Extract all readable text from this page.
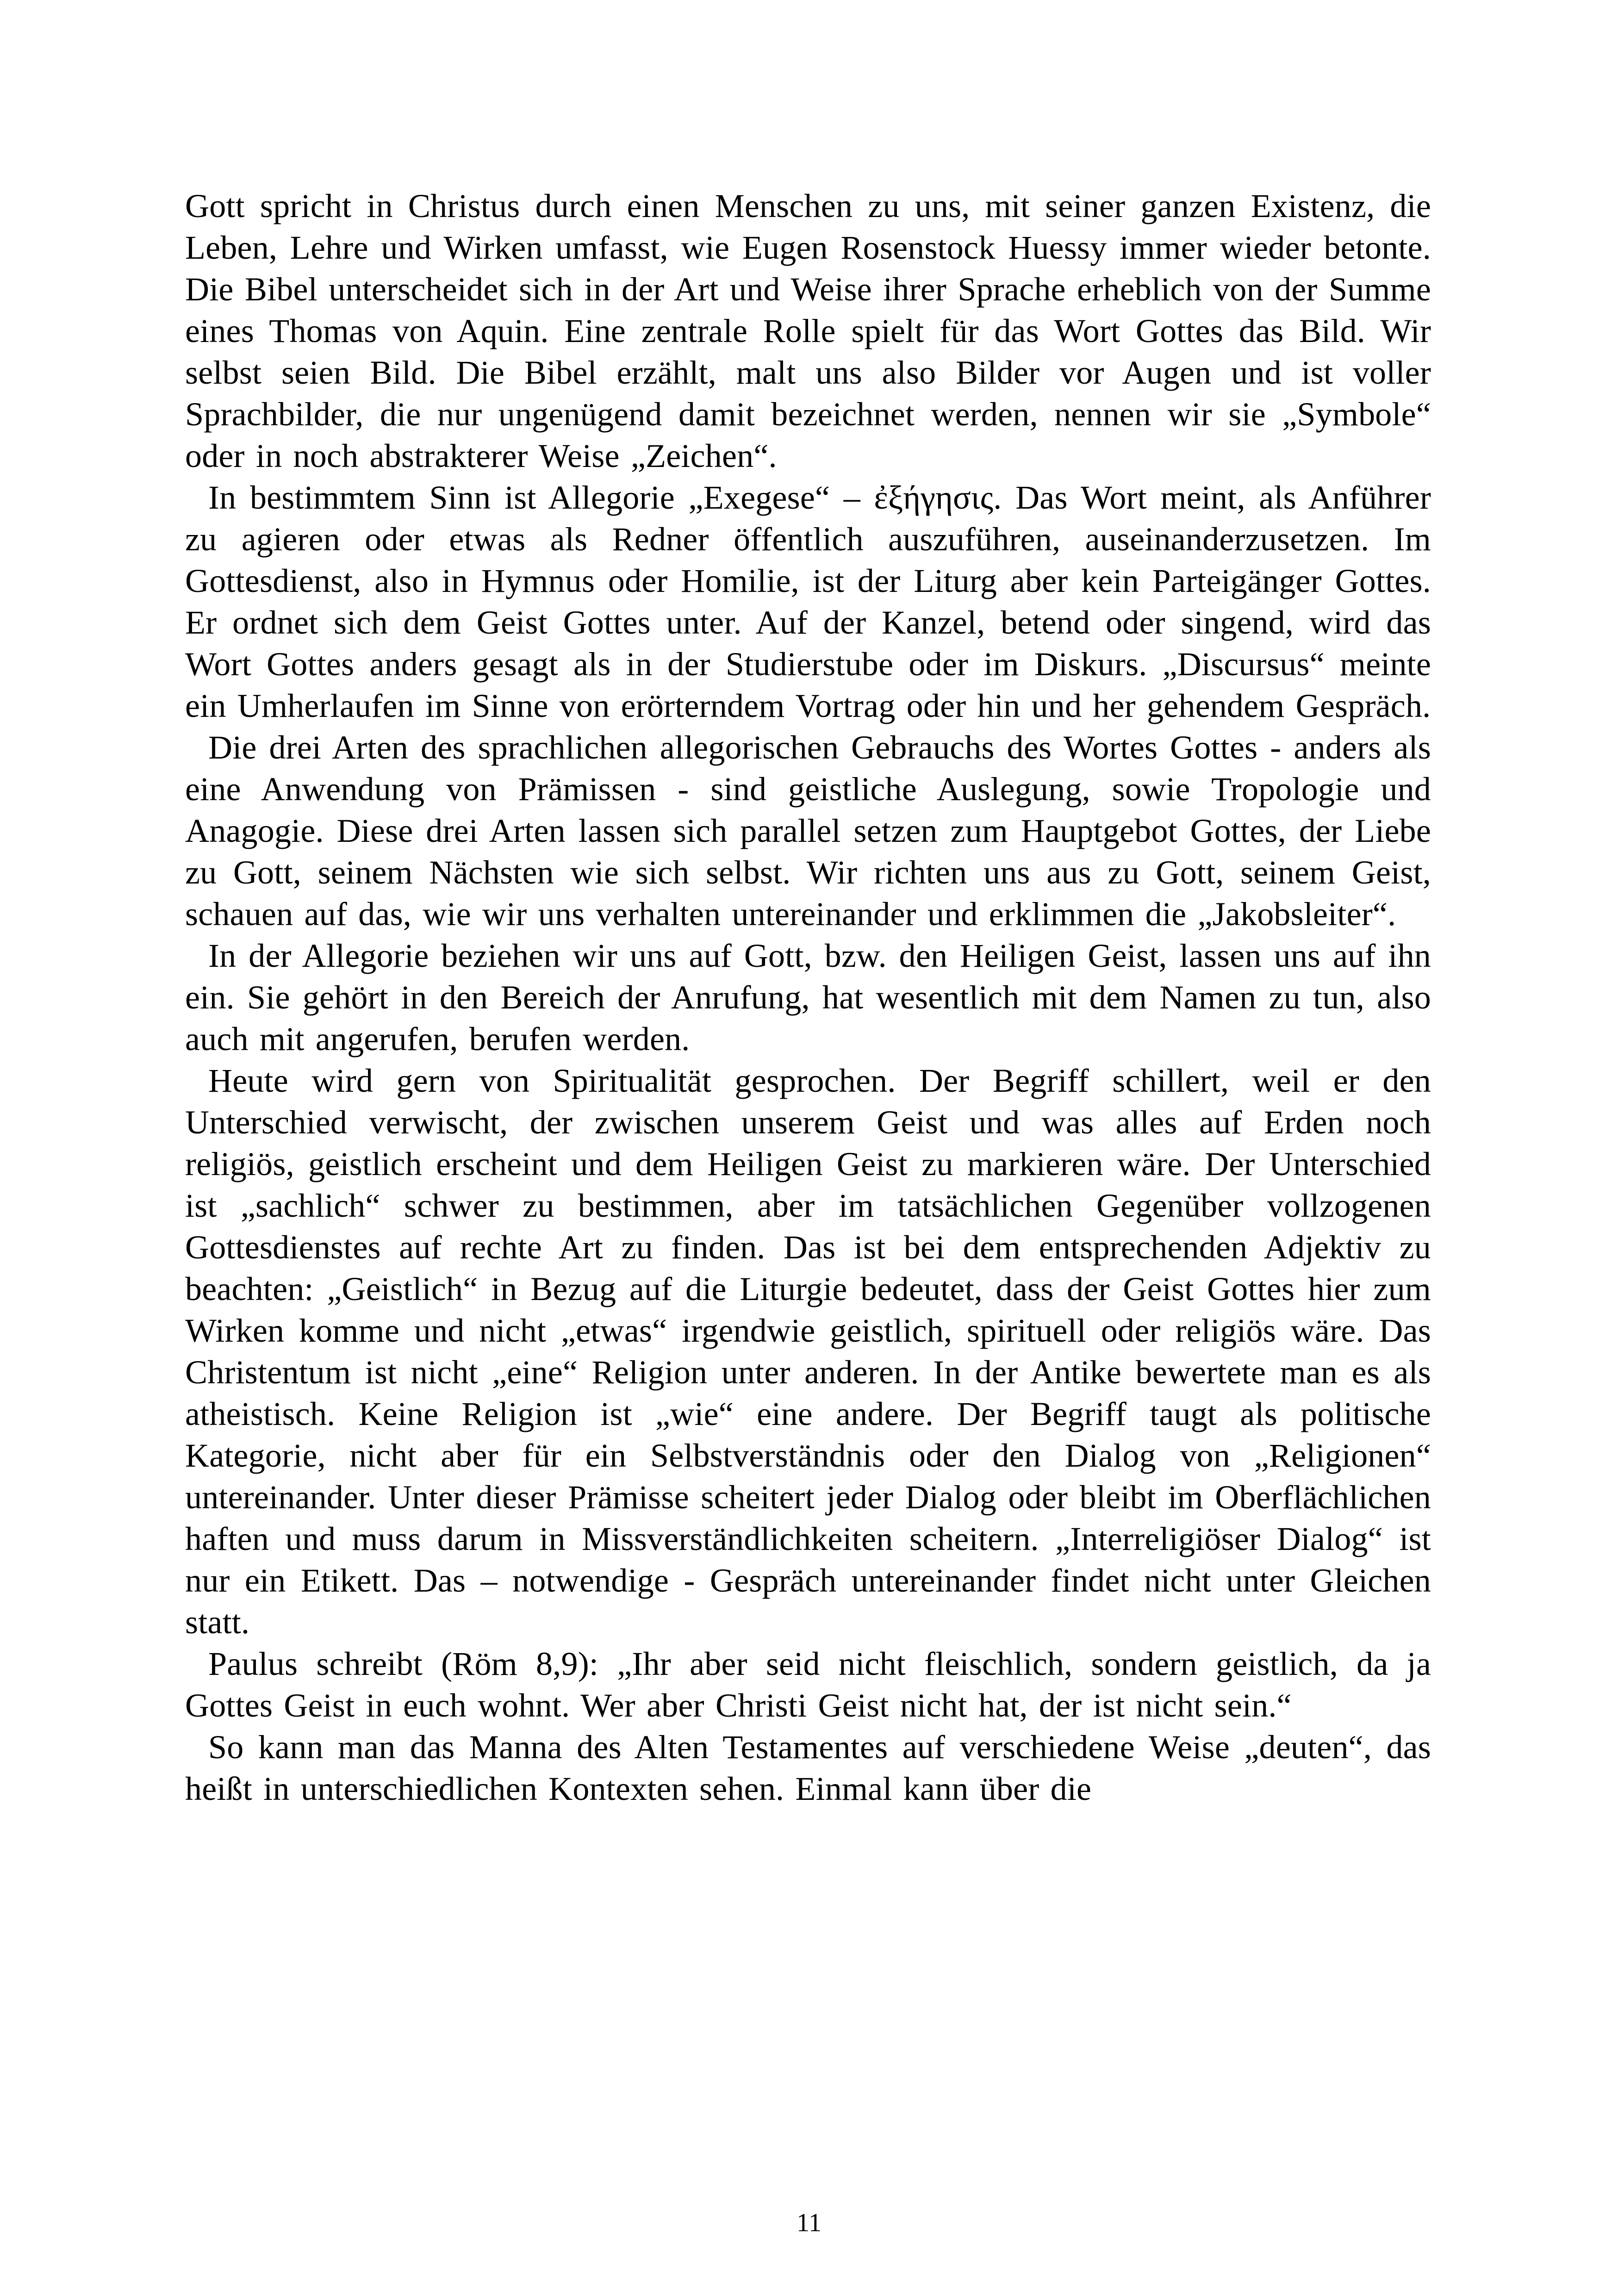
Gott spricht in Christus durch einen Menschen zu uns, mit seiner ganzen Existenz, die Leben, Lehre und Wirken umfasst, wie Eugen Rosenstock Huessy immer wieder betonte. Die Bibel unterscheidet sich in der Art und Weise ihrer Sprache erheblich von der Summe eines Thomas von Aquin. Eine zentrale Rolle spielt für das Wort Gottes das Bild. Wir selbst seien Bild. Die Bibel erzählt, malt uns also Bilder vor Augen und ist voller Sprachbilder, die nur ungenügend damit bezeichnet werden, nennen wir sie „Symbole“ oder in noch abstrakterer Weise „Zeichen“.

In bestimmtem Sinn ist Allegorie „Exegese“ – ἐξήγησις. Das Wort meint, als Anführer zu agieren oder etwas als Redner öffentlich auszuführen, auseinanderzusetzen. Im Gottesdienst, also in Hymnus oder Homilie, ist der Liturg aber kein Parteigänger Gottes. Er ordnet sich dem Geist Gottes unter. Auf der Kanzel, betend oder singend, wird das Wort Gottes anders gesagt als in der Studierstube oder im Diskurs. „Discursus“ meinte ein Umherlaufen im Sinne von erörterndem Vortrag oder hin und her gehendem Gespräch.

Die drei Arten des sprachlichen allegorischen Gebrauchs des Wortes Gottes - anders als eine Anwendung von Prämissen - sind geistliche Auslegung, sowie Tropologie und Anagogie. Diese drei Arten lassen sich parallel setzen zum Hauptgebot Gottes, der Liebe zu Gott, seinem Nächsten wie sich selbst. Wir richten uns aus zu Gott, seinem Geist, schauen auf das, wie wir uns verhalten untereinander und erklimmen die „Jakobsleiter“.

In der Allegorie beziehen wir uns auf Gott, bzw. den Heiligen Geist, lassen uns auf ihn ein. Sie gehört in den Bereich der Anrufung, hat wesentlich mit dem Namen zu tun, also auch mit angerufen, berufen werden.

Heute wird gern von Spiritualität gesprochen. Der Begriff schillert, weil er den Unterschied verwischt, der zwischen unserem Geist und was alles auf Erden noch religiös, geistlich erscheint und dem Heiligen Geist zu markieren wäre. Der Unterschied ist „sachlich“ schwer zu bestimmen, aber im tatsächlichen Gegenüber vollzogenen Gottesdienstes auf rechte Art zu finden. Das ist bei dem entsprechenden Adjektiv zu beachten: „Geistlich“ in Bezug auf die Liturgie bedeutet, dass der Geist Gottes hier zum Wirken komme und nicht „etwas“ irgendwie geistlich, spirituell oder religiös wäre. Das Christentum ist nicht „eine“ Religion unter anderen. In der Antike bewertete man es als atheistisch. Keine Religion ist „wie“ eine andere. Der Begriff taugt als politische Kategorie, nicht aber für ein Selbstverständnis oder den Dialog von „Religionen“ untereinander. Unter dieser Prämisse scheitert jeder Dialog oder bleibt im Oberflächlichen haften und muss darum in Missverständlichkeiten scheitern. „Interreligiöser Dialog“ ist nur ein Etikett. Das – notwendige - Gespräch untereinander findet nicht unter Gleichen statt.

Paulus schreibt (Röm 8,9): „Ihr aber seid nicht fleischlich, sondern geistlich, da ja Gottes Geist in euch wohnt. Wer aber Christi Geist nicht hat, der ist nicht sein.“

So kann man das Manna des Alten Testamentes auf verschiedene Weise „deuten“, das heißt in unterschiedlichen Kontexten sehen. Einmal kann über die

11
